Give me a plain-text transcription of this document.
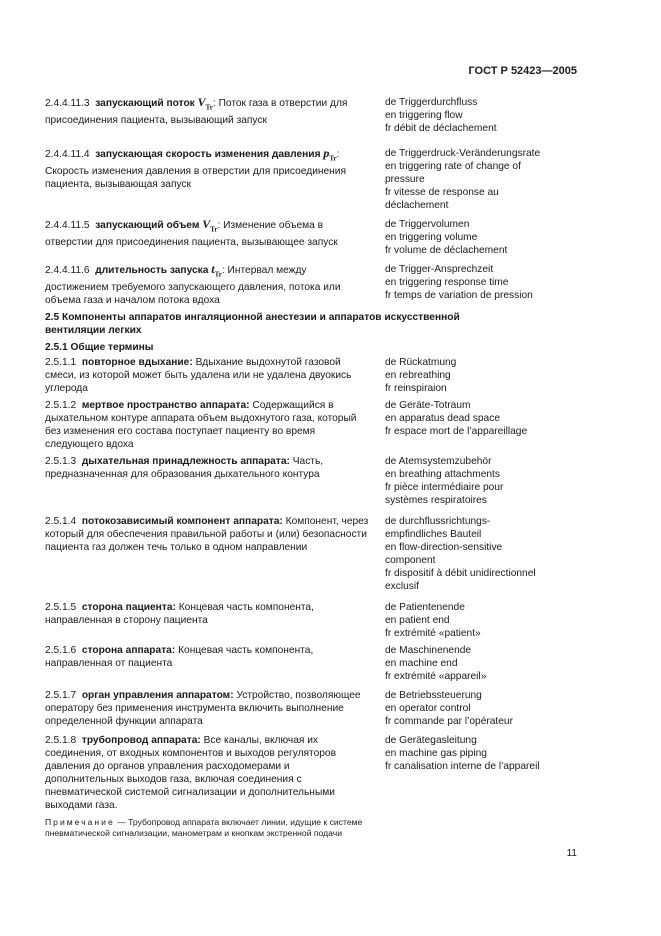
ГОСТ Р 52423—2005
2.4.4.11.3 запускающий поток $V_{Tr}$: Поток газа в отверстии для присоединения пациента, вызывающий запуск
de Triggerdurchfluss
en triggering flow
fr débit de déclachement
2.4.4.11.4 запускающая скорость изменения давления $p_{Tr}$: Скорость изменения давления в отверстии для присоединения пациента, вызывающая запуск
de Triggerdruck-Veränderungsrate
en triggering rate of change of
pressure
fr vitesse de response au
déclachement
2.4.4.11.5 запускающий объем $V_{Tr}$: Изменение объема в отверстии для присоединения пациента, вызывающее запуск
de Triggervolumen
en triggering volume
fr volume de déclachement
2.4.4.11.6 длительность запуска $t_{Tr}$: Интервал между достижением требуемого запускающего давления, потока или объема газа и началом потока вдоха
de Trigger-Ansprechzeit
en triggering response time
fr temps de variation de pression
2.5 Компоненты аппаратов ингаляционной анестезии и аппаратов искусственной вентиляции легких
2.5.1 Общие термины
2.5.1.1 повторное вдыхание: Вдыхание выдохнутой газовой смеси, из которой может быть удалена или не удалена двуокись углерода
de Rückatmung
en rebreathing
fr reinspiraion
2.5.1.2 мертвое пространство аппарата: Содержащийся в дыхательном контуре аппарата объем выдохнутого газа, который без изменения его состава поступает пациенту во время следующего вдоха
de Geräte-Totraum
en apparatus dead space
fr espace mort de l’appareillage
2.5.1.3 дыхательная принадлежность аппарата: Часть, предназначенная для образования дыхательного контура
de Atemsystemzubehör
en breathing attachments
fr pièce intermédiaire pour
systèmes respiratoires
2.5.1.4 потокозависимый компонент аппарата: Компонент, через который для обеспечения правильной работы и (или) безопасности пациента газ должен течь только в одном направлении
de durchflussrichtungs-
empfindliches Bauteil
en flow-direction-sensitive
component
fr dispositif à débit unidirectionnel
exclusif
2.5.1.5 сторона пациента: Концевая часть компонента, направленная в сторону пациента
de Patientenende
en patient end
fr extrémité «patient»
2.5.1.6 сторона аппарата: Концевая часть компонента, направленная от пациента
de Maschinenende
en machine end
fr extrémité «appareil»
2.5.1.7 орган управления аппаратом: Устройство, позволяющее оператору без применения инструмента включить выполнение определенной функции аппарата
de Betriebssteuerung
en operator control
fr commande par l’opérateur
2.5.1.8 трубопровод аппарата: Все каналы, включая их соединения, от входных компонентов и выходов регуляторов давления до органов управления расходомерами и дополнительных выходов газа, включая соединения с пневматической системой сигнализации и дополнительными выходами газа.
de Gerätegasleitung
en machine gas piping
fr canalisation interne de l’appareil
Примечание — Трубопровод аппарата включает линии, идущие к системе пневматической сигнализации, манометрам и кнопкам экстренной подачи
11
